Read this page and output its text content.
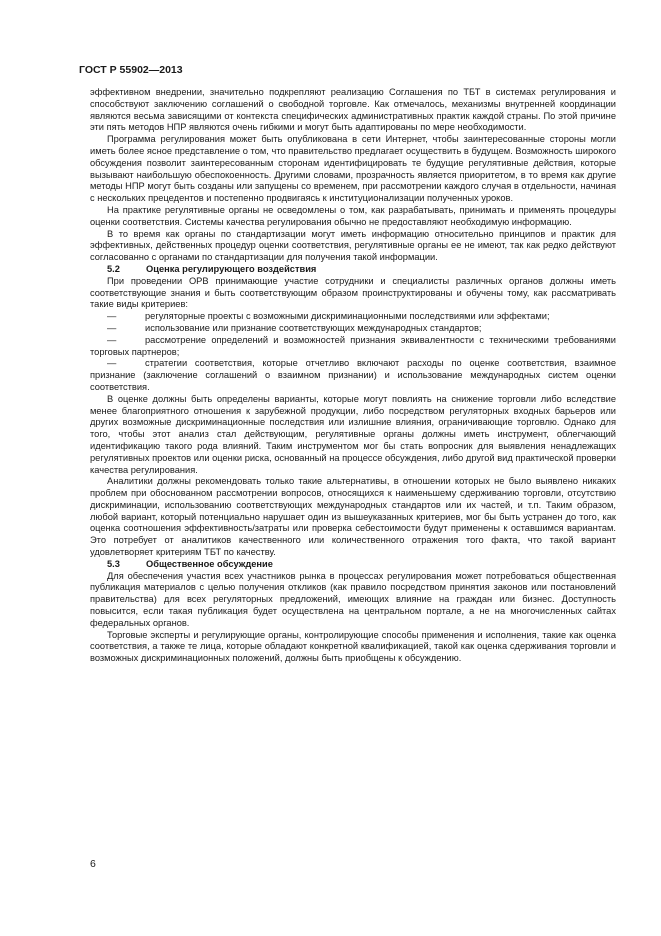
ГОСТ Р 55902—2013

эффективном внедрении, значительно подкрепляют реализацию Соглашения по ТБТ в системах регулирования и способствуют заключению соглашений о свободной торговле. Как отмечалось, механизмы внутренней координации являются весьма зависящими от контекста специфических административных практик каждой страны. По этой причине эти пять методов НПР являются очень гибкими и могут быть адаптированы по мере необходимости.

Программа регулирования может быть опубликована в сети Интернет, чтобы заинтересованные стороны могли иметь более ясное представление о том, что правительство предлагает осуществить в будущем. Возможность широкого обсуждения позволит заинтересованным сторонам идентифицировать те будущие регулятивные действия, которые вызывают наибольшую обеспокоенность. Другими словами, прозрачность является приоритетом, в то время как другие методы НПР могут быть созданы или запущены со временем, при рассмотрении каждого случая в отдельности, начиная с нескольких прецедентов и постепенно продвигаясь к институционализации полученных уроков.

На практике регулятивные органы не осведомлены о том, как разрабатывать, принимать и применять процедуры оценки соответствия. Системы качества регулирования обычно не предоставляют необходимую информацию.

В то время как органы по стандартизации могут иметь информацию относительно принципов и практик для эффективных, действенных процедур оценки соответствия, регулятивные органы ее не имеют, так как редко действуют согласованно с органами по стандартизации для получения такой информации.

5.2	Оценка регулирующего воздействия

При проведении ОРВ принимающие участие сотрудники и специалисты различных органов должны иметь соответствующие знания и быть соответствующим образом проинструктированы и обучены тому, как рассматривать такие виды критериев:

—	регуляторные проекты с возможными дискриминационными последствиями или эффектами;

—	использование или признание соответствующих международных стандартов;

—	рассмотрение определений и возможностей признания эквивалентности с техническими требованиями торговых партнеров;

—	стратегии соответствия, которые отчетливо включают расходы по оценке соответствия, взаимное признание (заключение соглашений о взаимном признании) и использование международных систем оценки соответствия.

В оценке должны быть определены варианты, которые могут повлиять на снижение торговли либо вследствие менее благоприятного отношения к зарубежной продукции, либо посредством регуляторных входных барьеров или других возможные дискриминационные последствия или излишние влияния, ограничивающие торговлю. Однако для того, чтобы этот анализ стал действующим, регулятивные органы должны иметь инструмент, облегчающий идентификацию такого рода влияний. Таким инструментом мог бы стать вопросник для выявления ненадлежащих регулятивных проектов или оценки риска, основанный на процессе обсуждения, либо другой вид практической проверки качества регулирования.

Аналитики должны рекомендовать только такие альтернативы, в отношении которых не было выявлено никаких проблем при обоснованном рассмотрении вопросов, относящихся к наименьшему сдерживанию торговли, отсутствию дискриминации, использованию соответствующих международных стандартов или их частей, и т.п. Таким образом, любой вариант, который потенциально нарушает один из вышеуказанных критериев, мог бы быть устранен до того, как оценка соотношения эффективность/затраты или проверка себестоимости будут применены к оставшимся вариантам. Это потребует от аналитиков качественного или количественного отражения того факта, что такой вариант удовлетворяет критериям ТБТ по качеству.

5.3	Общественное обсуждение

Для обеспечения участия всех участников рынка в процессах регулирования может потребоваться общественная публикация материалов с целью получения откликов (как правило посредством принятия законов или постановлений правительства) для всех регуляторных предложений, имеющих влияние на граждан или бизнес. Доступность повысится, если такая публикация будет осуществлена на центральном портале, а не на многочисленных сайтах федеральных органов.

Торговые эксперты и регулирующие органы, контролирующие способы применения и исполнения, такие как оценка соответствия, а также те лица, которые обладают конкретной квалификацией, такой как оценка сдерживания торговли и возможных дискриминационных положений, должны быть приобщены к обсуждению.

6
